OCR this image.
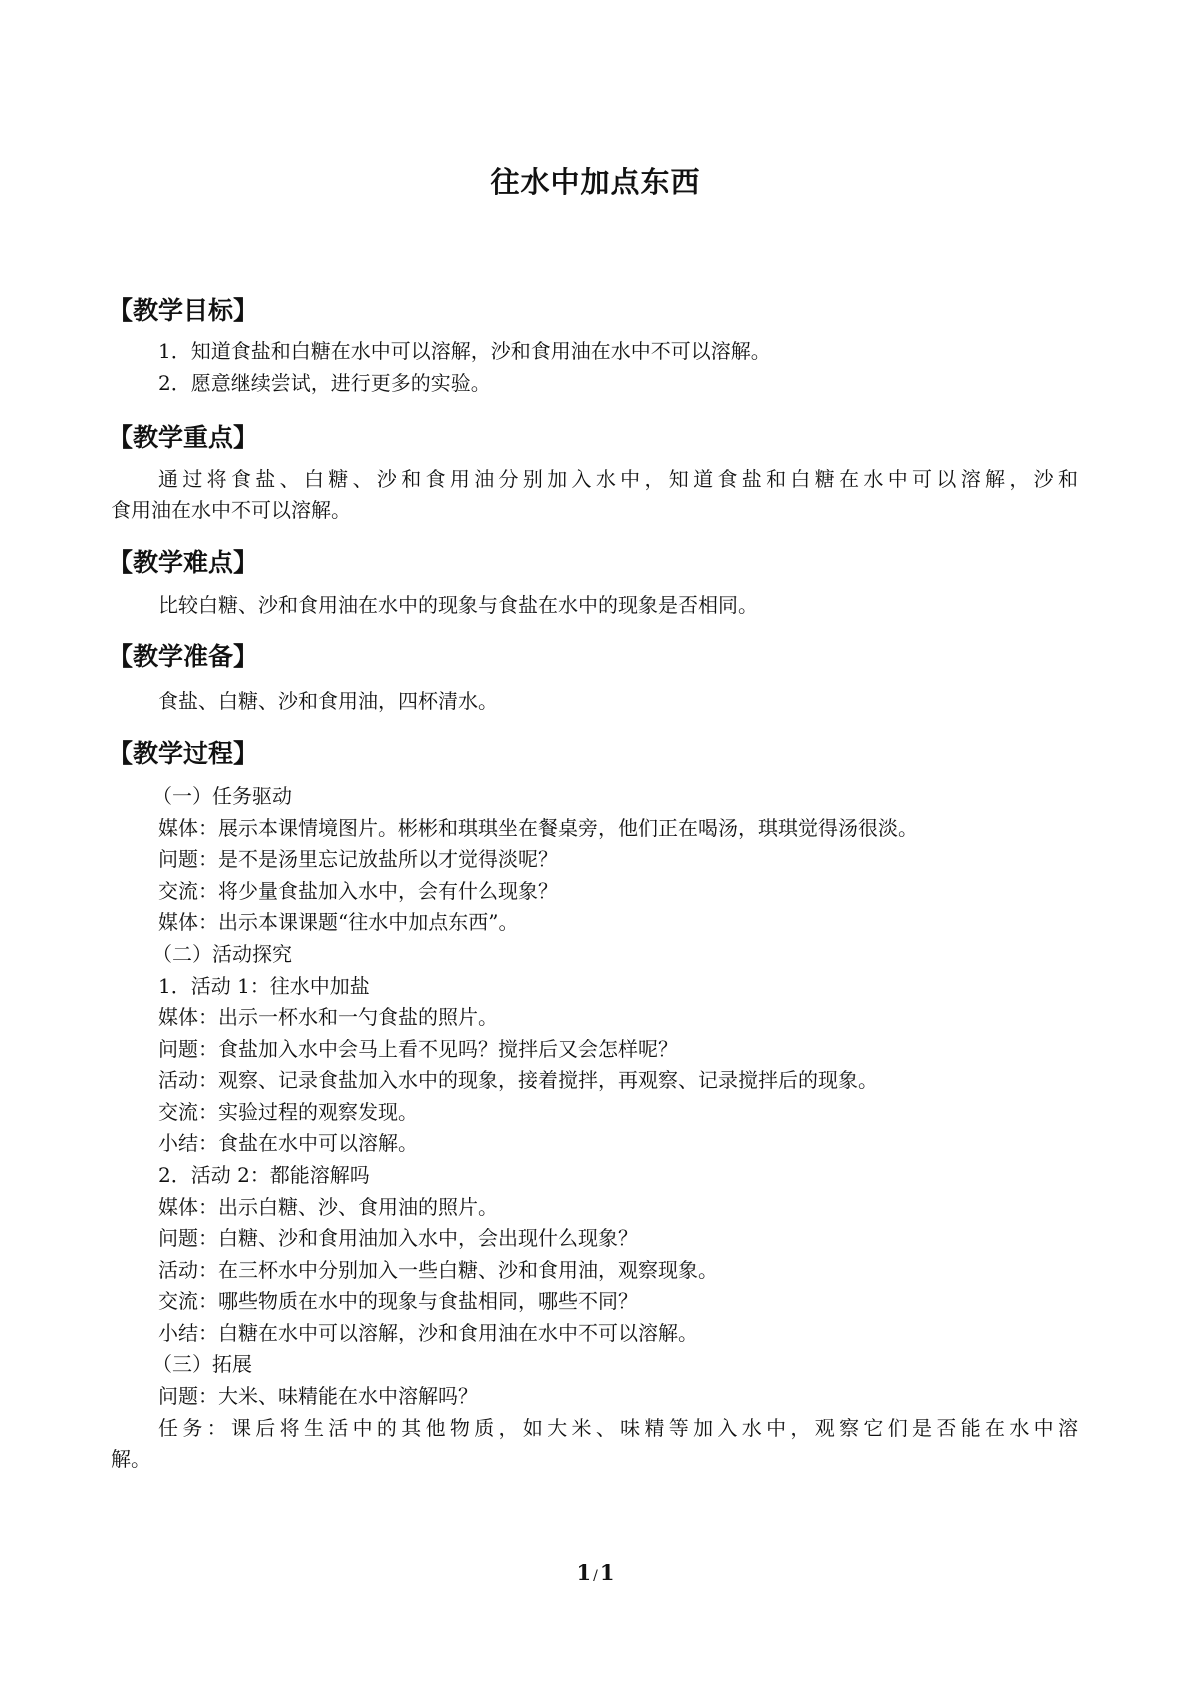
往水中加点东西
【教学目标】
1．知道食盐和白糖在水中可以溶解，沙和食用油在水中不可以溶解。
2．愿意继续尝试，进行更多的实验。
【教学重点】
通过将食盐、白糖、沙和食用油分别加入水中，知道食盐和白糖在水中可以溶解，沙和
食用油在水中不可以溶解。
【教学难点】
比较白糖、沙和食用油在水中的现象与食盐在水中的现象是否相同。
【教学准备】
食盐、白糖、沙和食用油，四杯清水。
【教学过程】
（一）任务驱动
媒体：展示本课情境图片。彬彬和琪琪坐在餐桌旁，他们正在喝汤，琪琪觉得汤很淡。
问题：是不是汤里忘记放盐所以才觉得淡呢？
交流：将少量食盐加入水中，会有什么现象？
媒体：出示本课课题“往水中加点东西”。
（二）活动探究
1．活动 1：往水中加盐
媒体：出示一杯水和一勺食盐的照片。
问题：食盐加入水中会马上看不见吗？搅拌后又会怎样呢？
活动：观察、记录食盐加入水中的现象，接着搅拌，再观察、记录搅拌后的现象。
交流：实验过程的观察发现。
小结：食盐在水中可以溶解。
2．活动 2：都能溶解吗
媒体：出示白糖、沙、食用油的照片。
问题：白糖、沙和食用油加入水中，会出现什么现象？
活动：在三杯水中分别加入一些白糖、沙和食用油，观察现象。
交流：哪些物质在水中的现象与食盐相同，哪些不同？
小结：白糖在水中可以溶解，沙和食用油在水中不可以溶解。
（三）拓展
问题：大米、味精能在水中溶解吗？
任务：课后将生活中的其他物质，如大米、味精等加入水中，观察它们是否能在水中溶
解。
1 /1
